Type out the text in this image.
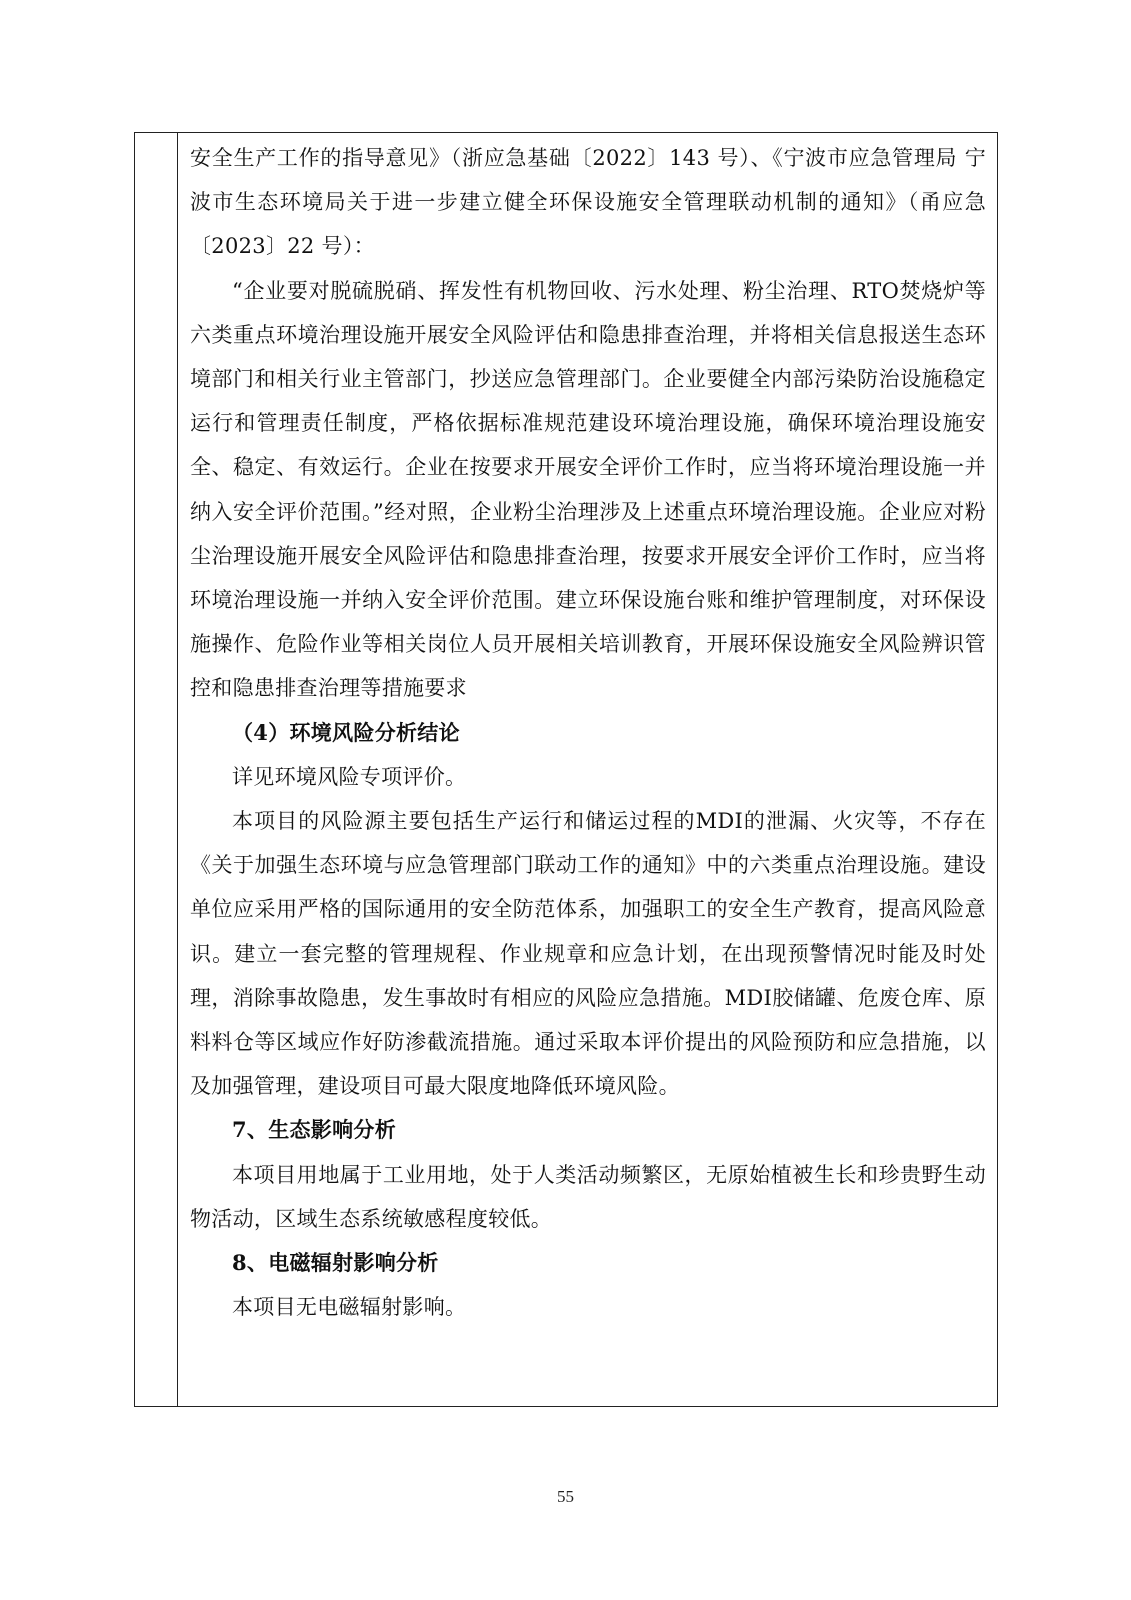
安全生产工作的指导意见》（浙应急基础〔2022〕143 号）、《宁波市应急管理局 宁波市生态环境局关于进一步建立健全环保设施安全管理联动机制的通知》（甬应急〔2023〕22 号）：

“企业要对脱硫脱硝、挥发性有机物回收、污水处理、粉尘治理、RTO焚烧炉等六类重点环境治理设施开展安全风险评估和隐患排查治理，并将相关信息报送生态环境部门和相关行业主管部门，抄送应急管理部门。企业要健全内部污染防治设施稳定运行和管理责任制度，严格依据标准规范建设环境治理设施，确保环境治理设施安全、稳定、有效运行。企业在按要求开展安全评价工作时，应当将环境治理设施一并纳入安全评价范围。”经对照，企业粉尘治理涉及上述重点环境治理设施。企业应对粉尘治理设施开展安全风险评估和隐患排查治理，按要求开展安全评价工作时，应当将环境治理设施一并纳入安全评价范围。建立环保设施台账和维护管理制度，对环保设施操作、危险作业等相关岗位人员开展相关培训教育，开展环保设施安全风险辨识管控和隐患排查治理等措施要求

（4）环境风险分析结论

详见环境风险专项评价。

本项目的风险源主要包括生产运行和储运过程的MDI的泄漏、火灾等，不存在《关于加强生态环境与应急管理部门联动工作的通知》中的六类重点治理设施。建设单位应采用严格的国际通用的安全防范体系，加强职工的安全生产教育，提高风险意识。建立一套完整的管理规程、作业规章和应急计划，在出现预警情况时能及时处理，消除事故隐患，发生事故时有相应的风险应急措施。MDI胶储罐、危废仓库、原料料仓等区域应作好防渗截流措施。通过采取本评价提出的风险预防和应急措施，以及加强管理，建设项目可最大限度地降低环境风险。

7、生态影响分析

本项目用地属于工业用地，处于人类活动频繁区，无原始植被生长和珍贵野生动物活动，区域生态系统敏感程度较低。

8、电磁辐射影响分析

本项目无电磁辐射影响。

55
